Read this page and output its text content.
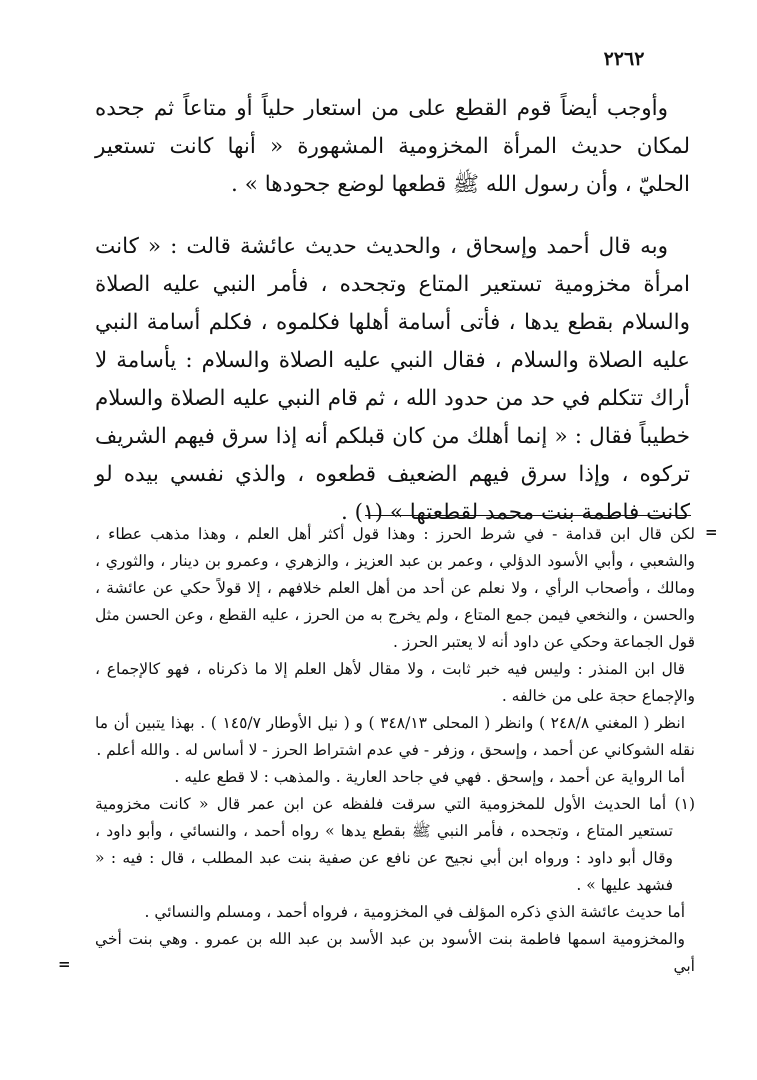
٢٢٦٢

وأوجب أيضاً قوم القطع على من استعار حلياً أو متاعاً ثم جحده لمكان حديث المرأة المخزومية المشهورة « أنها كانت تستعير الحليّ ، وأن رسول الله ﷺ قطعها لوضع جحودها » .

وبه قال أحمد وإسحاق ، والحديث حديث عائشة قالت : « كانت امرأة مخزومية تستعير المتاع وتجحده ، فأمر النبي عليه الصلاة والسلام بقطع يدها ، فأتى أسامة أهلها فكلموه ، فكلم أسامة النبي عليه الصلاة والسلام ، فقال النبي عليه الصلاة والسلام : يأسامة لا أراك تتكلم في حد من حدود الله ، ثم قام النبي عليه الصلاة والسلام خطيباً فقال : « إنما أهلك من كان قبلكم أنه إذا سرق فيهم الشريف تركوه ، وإذا سرق فيهم الضعيف قطعوه ، والذي نفسي بيده لو كانت فاطمة بنت محمد لقطعتها » (١) .

=

لكن قال ابن قدامة - في شرط الحرز : وهذا قول أكثر أهل العلم ، وهذا مذهب عطاء ، والشعبي ، وأبي الأسود الدؤلي ، وعمر بن عبد العزيز ، والزهري ، وعمرو بن دينار ، والثوري ، ومالك ، وأصحاب الرأي ، ولا نعلم عن أحد من أهل العلم خلافهم ، إلا قولاً حكي عن عائشة ، والحسن ، والنخعي فيمن جمع المتاع ، ولم يخرج به من الحرز ، عليه القطع ، وعن الحسن مثل قول الجماعة وحكي عن داود أنه لا يعتبر الحرز .

قال ابن المنذر : وليس فيه خبر ثابت ، ولا مقال لأهل العلم إلا ما ذكرناه ، فهو كالإجماع ، والإجماع حجة على من خالفه .

انظر ( المغني ٢٤٨/٨ ) وانظر ( المحلى ٣٤٨/١٣ ) و ( نيل الأوطار ١٤٥/٧ ) . بهذا يتبين أن ما نقله الشوكاني عن أحمد ، وإسحق ، وزفر - في عدم اشتراط الحرز - لا أساس له . والله أعلم .

أما الرواية عن أحمد ، وإسحق . فهي في جاحد العارية . والمذهب : لا قطع عليه .

(١) أما الحديث الأول للمخزومية التي سرقت فلفظه عن ابن عمر قال « كانت مخزومية تستعير المتاع ، وتجحده ، فأمر النبي ﷺ بقطع يدها » رواه أحمد ، والنسائي ، وأبو داود ، وقال أبو داود : ورواه ابن أبي نجيح عن نافع عن صفية بنت عبد المطلب ، قال : فيه : « فشهد عليها » .

أما حديث عائشة الذي ذكره المؤلف في المخزومية ، فرواه أحمد ، ومسلم والنسائي .

والمخزومية اسمها فاطمة بنت الأسود بن عبد الأسد بن عبد الله بن عمرو . وهي بنت أخي أبي

=
